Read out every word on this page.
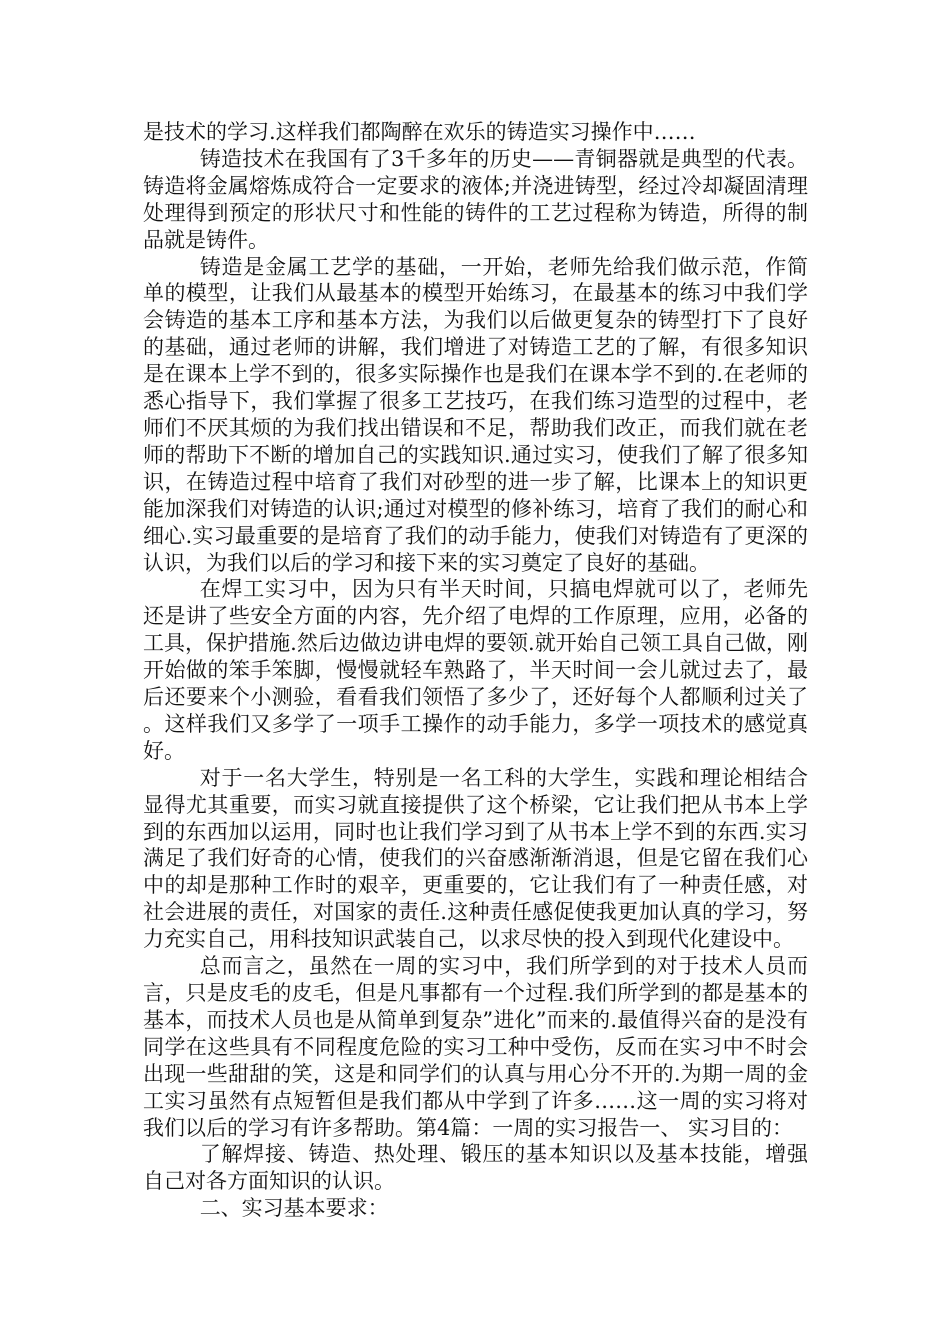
是技术的学习.这样我们都陶醉在欢乐的铸造实习操作中……

铸造技术在我国有了3千多年的历史——青铜器就是典型的代表。铸造将金属熔炼成符合一定要求的液体;并浇进铸型，经过冷却凝固清理处理得到预定的形状尺寸和性能的铸件的工艺过程称为铸造，所得的制品就是铸件。

铸造是金属工艺学的基础，一开始，老师先给我们做示范，作简单的模型，让我们从最基本的模型开始练习，在最基本的练习中我们学会铸造的基本工序和基本方法，为我们以后做更复杂的铸型打下了良好的基础，通过老师的讲解，我们增进了对铸造工艺的了解，有很多知识是在课本上学不到的，很多实际操作也是我们在课本学不到的.在老师的悉心指导下，我们掌握了很多工艺技巧，在我们练习造型的过程中，老师们不厌其烦的为我们找出错误和不足，帮助我们改正，而我们就在老师的帮助下不断的增加自己的实践知识.通过实习，使我们了解了很多知识，在铸造过程中培育了我们对砂型的进一步了解，比课本上的知识更能加深我们对铸造的认识;通过对模型的修补练习，培育了我们的耐心和细心.实习最重要的是培育了我们的动手能力，使我们对铸造有了更深的认识，为我们以后的学习和接下来的实习奠定了良好的基础。

在焊工实习中，因为只有半天时间，只搞电焊就可以了，老师先还是讲了些安全方面的内容，先介绍了电焊的工作原理，应用，必备的工具，保护措施.然后边做边讲电焊的要领.就开始自己领工具自己做，刚开始做的笨手笨脚，慢慢就轻车熟路了，半天时间一会儿就过去了，最后还要来个小测验，看看我们领悟了多少了，还好每个人都顺利过关了。这样我们又多学了一项手工操作的动手能力，多学一项技术的感觉真好。

对于一名大学生，特别是一名工科的大学生，实践和理论相结合显得尤其重要，而实习就直接提供了这个桥梁，它让我们把从书本上学到的东西加以运用，同时也让我们学习到了从书本上学不到的东西.实习满足了我们好奇的心情，使我们的兴奋感渐渐消退，但是它留在我们心中的却是那种工作时的艰辛，更重要的，它让我们有了一种责任感，对社会进展的责任，对国家的责任.这种责任感促使我更加认真的学习，努力充实自己，用科技知识武装自己，以求尽快的投入到现代化建设中。

总而言之，虽然在一周的实习中，我们所学到的对于技术人员而言，只是皮毛的皮毛，但是凡事都有一个过程.我们所学到的都是基本的基本，而技术人员也是从简单到复杂”进化”而来的.最值得兴奋的是没有同学在这些具有不同程度危险的实习工种中受伤，反而在实习中不时会出现一些甜甜的笑，这是和同学们的认真与用心分不开的.为期一周的金工实习虽然有点短暂但是我们都从中学到了许多……这一周的实习将对我们以后的学习有许多帮助。第4篇：一周的实习报告一、 实习目的：

了解焊接、铸造、热处理、锻压的基本知识以及基本技能，增强自己对各方面知识的认识。

二、实习基本要求：
